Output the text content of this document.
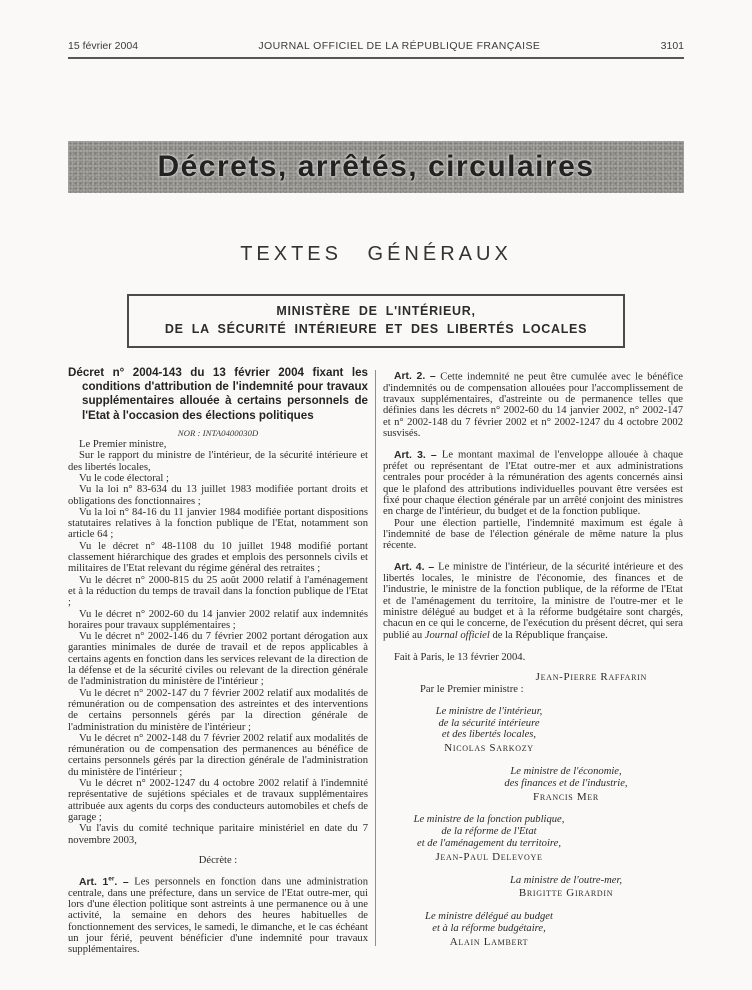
15 février 2004	JOURNAL OFFICIEL DE LA RÉPUBLIQUE FRANÇAISE	3101
Décrets, arrêtés, circulaires
TEXTES GÉNÉRAUX
MINISTÈRE DE L'INTÉRIEUR,
DE LA SÉCURITÉ INTÉRIEURE ET DES LIBERTÉS LOCALES

Décret n° 2004-143 du 13 février 2004 fixant les conditions d'attribution de l'indemnité pour travaux supplémentaires allouée à certains personnels de l'Etat à l'occasion des élections politiques

NOR : INTA0400030D

Le Premier ministre,

Sur le rapport du ministre de l'intérieur, de la sécurité intérieure et des libertés locales,

Vu le code électoral ;

Vu la loi n° 83-634 du 13 juillet 1983 modifiée portant droits et obligations des fonctionnaires ;

Vu la loi n° 84-16 du 11 janvier 1984 modifiée portant dispositions statutaires relatives à la fonction publique de l'Etat, notamment son article 64 ;

Vu le décret n° 48-1108 du 10 juillet 1948 modifié portant classement hiérarchique des grades et emplois des personnels civils et militaires de l'Etat relevant du régime général des retraites ;

Vu le décret n° 2000-815 du 25 août 2000 relatif à l'aménagement et à la réduction du temps de travail dans la fonction publique de l'Etat ;

Vu le décret n° 2002-60 du 14 janvier 2002 relatif aux indemnités horaires pour travaux supplémentaires ;

Vu le décret n° 2002-146 du 7 février 2002 portant dérogation aux garanties minimales de durée de travail et de repos applicables à certains agents en fonction dans les services relevant de la direction de la défense et de la sécurité civiles ou relevant de la direction générale de l'administration du ministère de l'intérieur ;

Vu le décret n° 2002-147 du 7 février 2002 relatif aux modalités de rémunération ou de compensation des astreintes et des interventions de certains personnels gérés par la direction générale de l'administration du ministère de l'intérieur ;

Vu le décret n° 2002-148 du 7 février 2002 relatif aux modalités de rémunération ou de compensation des permanences au bénéfice de certains personnels gérés par la direction générale de l'administration du ministère de l'intérieur ;

Vu le décret n° 2002-1247 du 4 octobre 2002 relatif à l'indemnité représentative de sujétions spéciales et de travaux supplémentaires attribuée aux agents du corps des conducteurs automobiles et chefs de garage ;

Vu l'avis du comité technique paritaire ministériel en date du 7 novembre 2003,

Décrète :

Art. 1er. – Les personnels en fonction dans une administration centrale, dans une préfecture, dans un service de l'Etat outre-mer, qui lors d'une élection politique sont astreints à une permanence ou à une activité, la semaine en dehors des heures habituelles de fonctionnement des services, le samedi, le dimanche, et le cas échéant un jour férié, peuvent bénéficier d'une indemnité pour travaux supplémentaires.

Art. 2. – Cette indemnité ne peut être cumulée avec le bénéfice d'indemnités ou de compensation allouées pour l'accomplissement de travaux supplémentaires, d'astreinte ou de permanence telles que définies dans les décrets n° 2002-60 du 14 janvier 2002, n° 2002-147 et n° 2002-148 du 7 février 2002 et n° 2002-1247 du 4 octobre 2002 susvisés.

Art. 3. – Le montant maximal de l'enveloppe allouée à chaque préfet ou représentant de l'Etat outre-mer et aux administrations centrales pour procéder à la rémunération des agents concernés ainsi que le plafond des attributions individuelles pouvant être versées est fixé pour chaque élection générale par un arrêté conjoint des ministres en charge de l'intérieur, du budget et de la fonction publique.

Pour une élection partielle, l'indemnité maximum est égale à l'indemnité de base de l'élection générale de même nature la plus récente.

Art. 4. – Le ministre de l'intérieur, de la sécurité intérieure et des libertés locales, le ministre de l'économie, des finances et de l'industrie, le ministre de la fonction publique, de la réforme de l'Etat et de l'aménagement du territoire, la ministre de l'outre-mer et le ministre délégué au budget et à la réforme budgétaire sont chargés, chacun en ce qui le concerne, de l'exécution du présent décret, qui sera publié au Journal officiel de la République française.

Fait à Paris, le 13 février 2004.

Jean-Pierre Raffarin

Par le Premier ministre :

Le ministre de l'intérieur,
de la sécurité intérieure
et des libertés locales,
Nicolas Sarkozy
Le ministre de l'économie,
des finances et de l'industrie,
Francis Mer
Le ministre de la fonction publique,
de la réforme de l'Etat
et de l'aménagement du territoire,
Jean-Paul Delevoye
La ministre de l'outre-mer,
Brigitte Girardin
Le ministre délégué au budget
et à la réforme budgétaire,
Alain Lambert
